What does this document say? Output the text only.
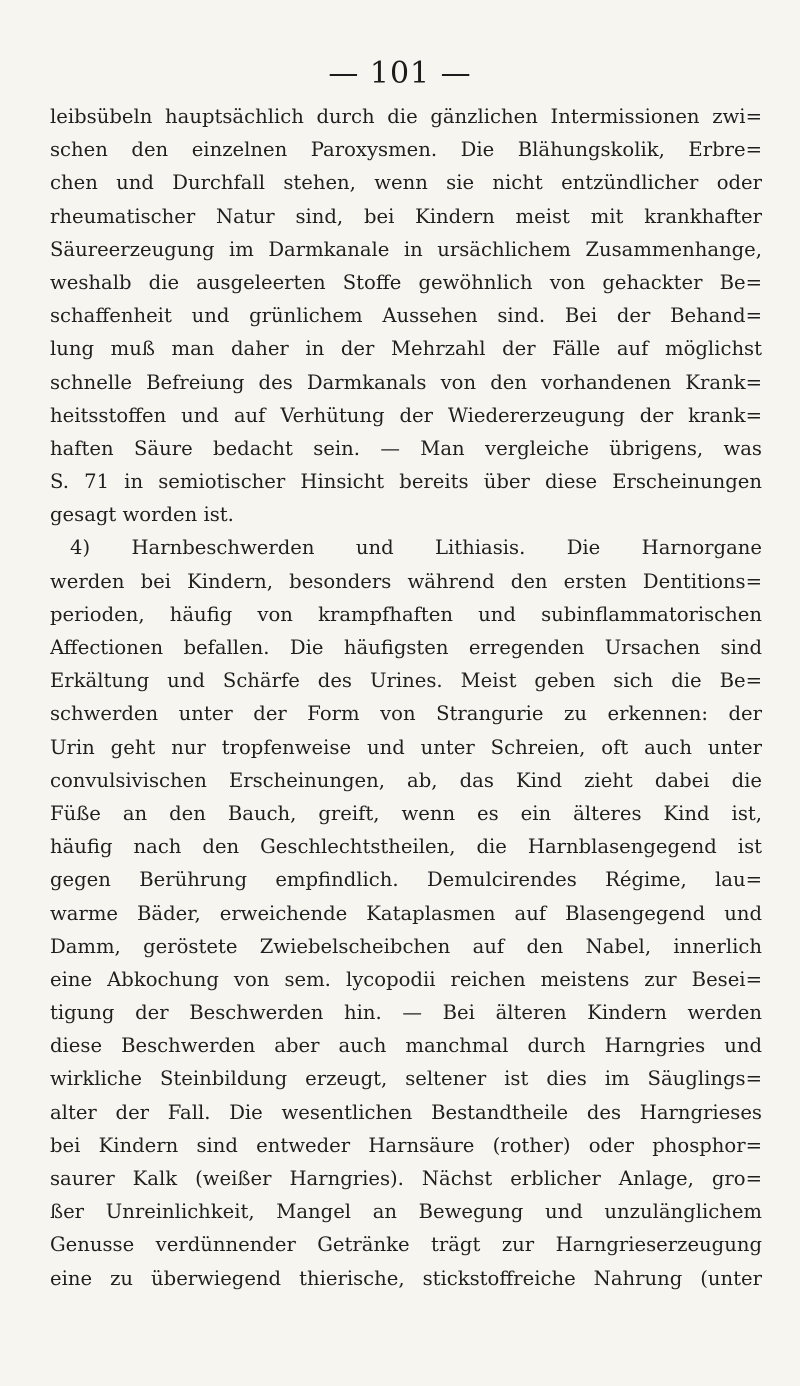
— 101 —
leibsübeln hauptsächlich durch die gänzlichen Intermissionen zwi=
schen den einzelnen Paroxysmen. Die Blähungskolik, Erbre=
chen und Durchfall stehen, wenn sie nicht entzündlicher oder
rheumatischer Natur sind, bei Kindern meist mit krankhafter
Säureerzeugung im Darmkanale in ursächlichem Zusammenhange,
weshalb die ausgeleerten Stoffe gewöhnlich von gehackter Be=
schaffenheit und grünlichem Aussehen sind. Bei der Behand=
lung muß man daher in der Mehrzahl der Fälle auf möglichst
schnelle Befreiung des Darmkanals von den vorhandenen Krank=
heitsstoffen und auf Verhütung der Wiedererzeugung der krank=
haften Säure bedacht sein. — Man vergleiche übrigens, was
S. 71 in semiotischer Hinsicht bereits über diese Erscheinungen
gesagt worden ist.
4) Harnbeschwerden und Lithiasis. Die Harnorgane
werden bei Kindern, besonders während den ersten Dentitions=
perioden, häufig von krampfhaften und subinflammatorischen
Affectionen befallen. Die häufigsten erregenden Ursachen sind
Erkältung und Schärfe des Urines. Meist geben sich die Be=
schwerden unter der Form von Strangurie zu erkennen: der
Urin geht nur tropfenweise und unter Schreien, oft auch unter
convulsivischen Erscheinungen, ab, das Kind zieht dabei die
Füße an den Bauch, greift, wenn es ein älteres Kind ist,
häufig nach den Geschlechtstheilen, die Harnblasengegend ist
gegen Berührung empfindlich. Demulcirendes Régime, lau=
warme Bäder, erweichende Kataplasmen auf Blasengegend und
Damm, geröstete Zwiebelscheibchen auf den Nabel, innerlich
eine Abkochung von sem. lycopodii reichen meistens zur Besei=
tigung der Beschwerden hin. — Bei älteren Kindern werden
diese Beschwerden aber auch manchmal durch Harngries und
wirkliche Steinbildung erzeugt, seltener ist dies im Säuglings=
alter der Fall. Die wesentlichen Bestandtheile des Harngrieses
bei Kindern sind entweder Harnsäure (rother) oder phosphor=
saurer Kalk (weißer Harngries). Nächst erblicher Anlage, gro=
ßer Unreinlichkeit, Mangel an Bewegung und unzulänglichem
Genusse verdünnender Getränke trägt zur Harngrieserzeugung
eine zu überwiegend thierische, stickstoffreiche Nahrung (unter
